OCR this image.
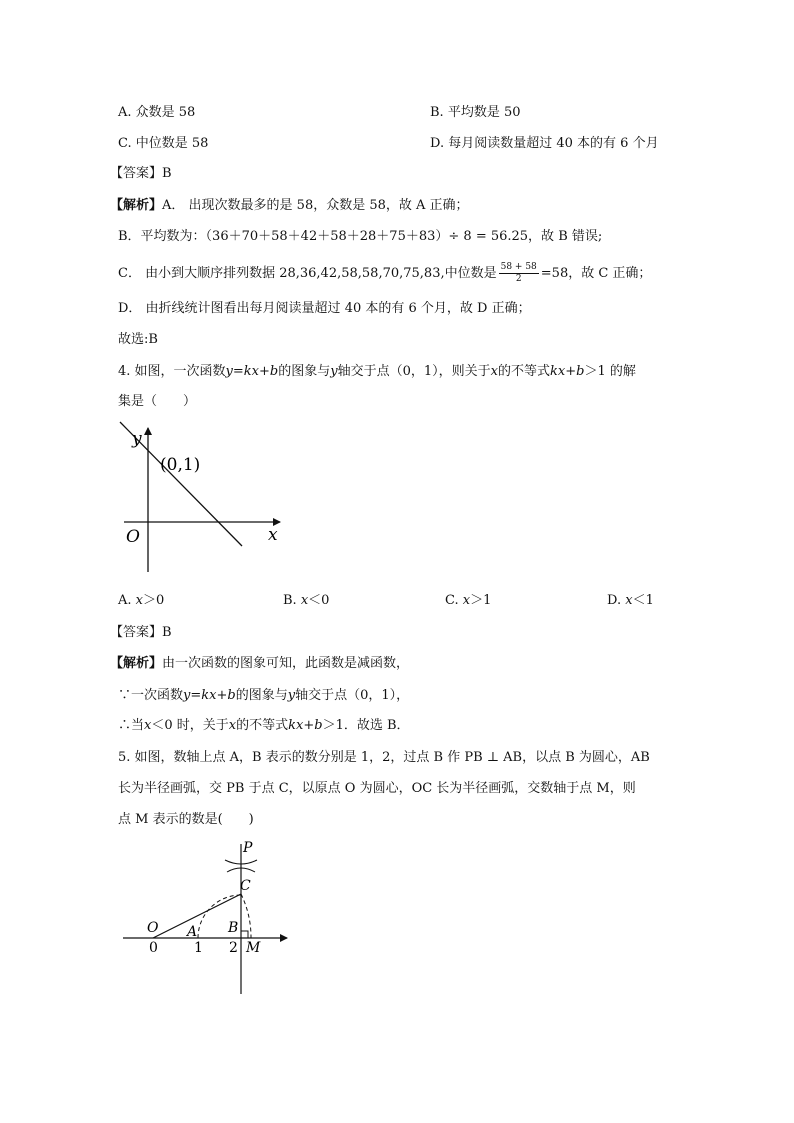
A. 众数是 58	B. 平均数是 50
C. 中位数是 58	D. 每月阅读数量超过 40 本的有 6 个月
【答案】B
【解析】A． 出现次数最多的是 58，众数是 58，故 A 正确；
B．平均数为：（36＋70＋58＋42＋58＋28＋75＋83）÷ 8 = 56.25，故 B 错误;
C． 由小到大顺序排列数据 28,36,42,58,58,70,75,83,中位数是 $\frac{58 + 58}{2} =58$，故 C 正确；
D． 由折线统计图看出每月阅读量超过 40 本的有 6 个月，故 D 正确；
故选:B
4. 如图，一次函数y=kx+b的图象与y轴交于点（0，1），则关于x的不等式kx+b＞1 的解
集是（　　）
y
(0,1)
x
O
A. x＞0	B. x＜0	C. x＞1	D. x＜1
【答案】B
【解析】由一次函数的图象可知，此函数是减函数，
∵一次函数y=kx+b的图象与y轴交于点（0，1），
∴当x＜0 时，关于x的不等式kx+b＞1．故选 B．
5. 如图，数轴上点 A，B 表示的数分别是 1，2，过点 B 作 PB ⊥ AB，以点 B 为圆心，AB
长为半径画弧，交 PB 于点 C，以原点 O 为圆心，OC 长为半径画弧，交数轴于点 M，则
点 M 表示的数是(　　)
P
C
O A B
M
0	1 2
